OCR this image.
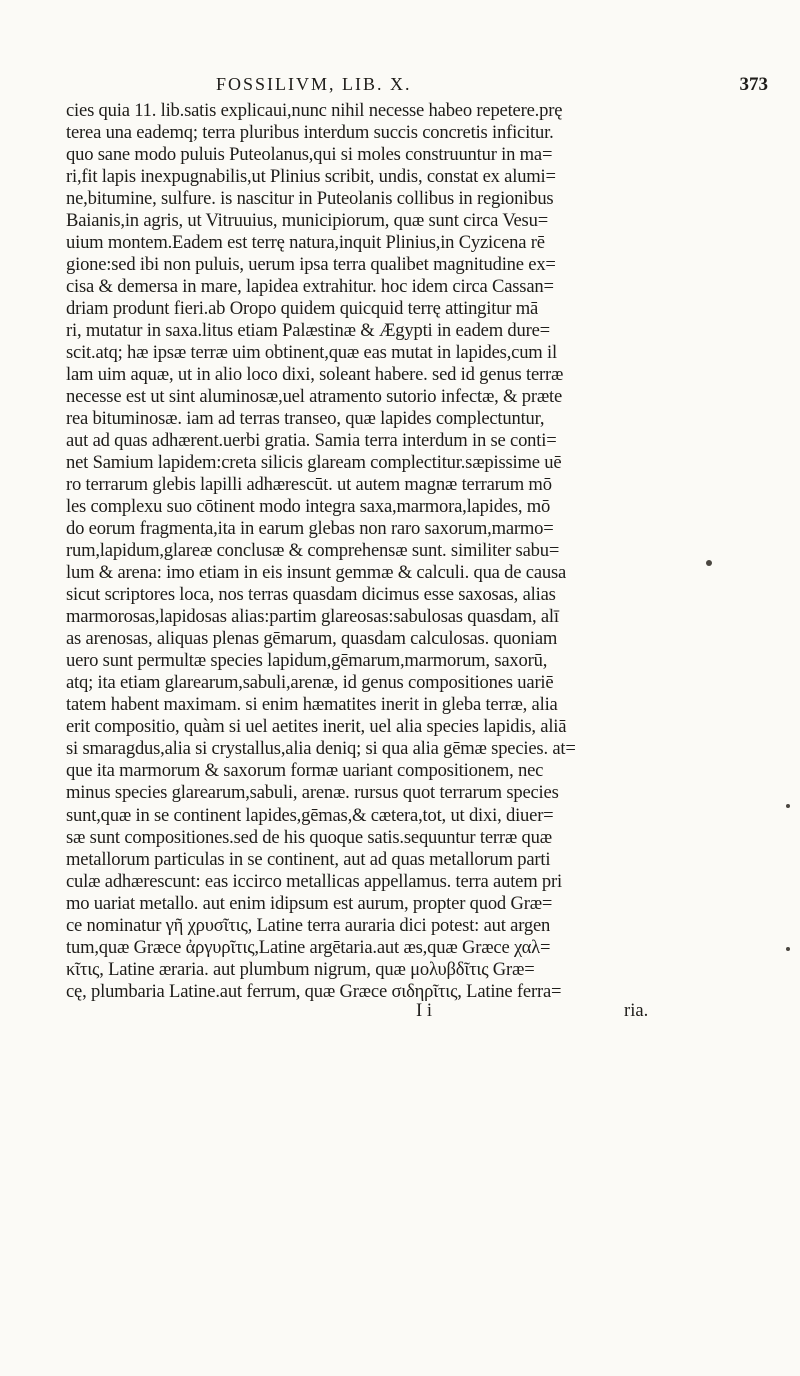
FOSSILIVM, LIB. X.	373
cies quia 11. lib.satis explicaui,nunc nihil necesse habeo repetere.prę
terea una eademq; terra pluribus interdum succis concretis inficitur.
quo sane modo puluis Puteolanus,qui si moles construuntur in ma=
ri,fit lapis inexpugnabilis,ut Plinius scribit, undis, constat ex alumi=
ne,bitumine, sulfure. is nascitur in Puteolanis collibus in regionibus
Baianis,in agris, ut Vitruuius, municipiorum, quæ sunt circa Vesu=
uium montem.Eadem est terrę natura,inquit Plinius,in Cyzicena rē
gione:sed ibi non puluis, uerum ipsa terra qualibet magnitudine ex=
cisa & demersa in mare, lapidea extrahitur. hoc idem circa Cassan=
driam produnt fieri.ab Oropo quidem quicquid terrę attingitur mā
ri, mutatur in saxa.litus etiam Palæstinæ & Ægypti in eadem dure=
scit.atq; hæ ipsæ terræ uim obtinent,quæ eas mutat in lapides,cum il
lam uim aquæ, ut in alio loco dixi, soleant habere. sed id genus terræ
necesse est ut sint aluminosæ,uel atramento sutorio infectæ, & præte
rea bituminosæ. iam ad terras transeo, quæ lapides complectuntur,
aut ad quas adhærent.uerbi gratia. Samia terra interdum in se conti=
net Samium lapidem:creta silicis glaream complectitur.sæpissime uē
ro terrarum glebis lapilli adhærescūt. ut autem magnæ terrarum mō
les complexu suo cōtinent modo integra saxa,marmora,lapides, mō
do eorum fragmenta,ita in earum glebas non raro saxorum,marmo=
rum,lapidum,glareæ conclusæ & comprehensæ sunt. similiter sabu=
lum & arena: imo etiam in eis insunt gemmæ & calculi. qua de causa
sicut scriptores loca, nos terras quasdam dicimus esse saxosas, alias
marmorosas,lapidosas alias:partim glareosas:sabulosas quasdam, alī
as arenosas, aliquas plenas gēmarum, quasdam calculosas. quoniam
uero sunt permultæ species lapidum,gēmarum,marmorum, saxorū,
atq; ita etiam glarearum,sabuli,arenæ, id genus compositiones uariē
tatem habent maximam. si enim hæmatites inerit in gleba terræ, alia
erit compositio, quàm si uel aetites inerit, uel alia species lapidis, aliā
si smaragdus,alia si crystallus,alia deniq; si qua alia gēmæ species. at=
que ita marmorum & saxorum formæ uariant compositionem, nec
minus species glarearum,sabuli, arenæ. rursus quot terrarum species
sunt,quæ in se continent lapides,gēmas,& cætera,tot, ut dixi, diuer=
sæ sunt compositiones.sed de his quoque satis.sequuntur terræ quæ
metallorum particulas in se continent, aut ad quas metallorum parti
culæ adhærescunt: eas iccirco metallicas appellamus. terra autem pri
mo uariat metallo. aut enim idipsum est aurum, propter quod Græ=
ce nominatur γῆ χρυσῖτις, Latine terra auraria dici potest: aut argen
tum,quæ Græce ἀργυρῖτις,Latine argētaria.aut æs,quæ Græce χαλ=
κῖτις, Latine æraria. aut plumbum nigrum, quæ μολυβδῖτις Græ=
cę, plumbaria Latine.aut ferrum, quæ Græce σιδηρῖτις, Latine ferra=
I i	ria.
